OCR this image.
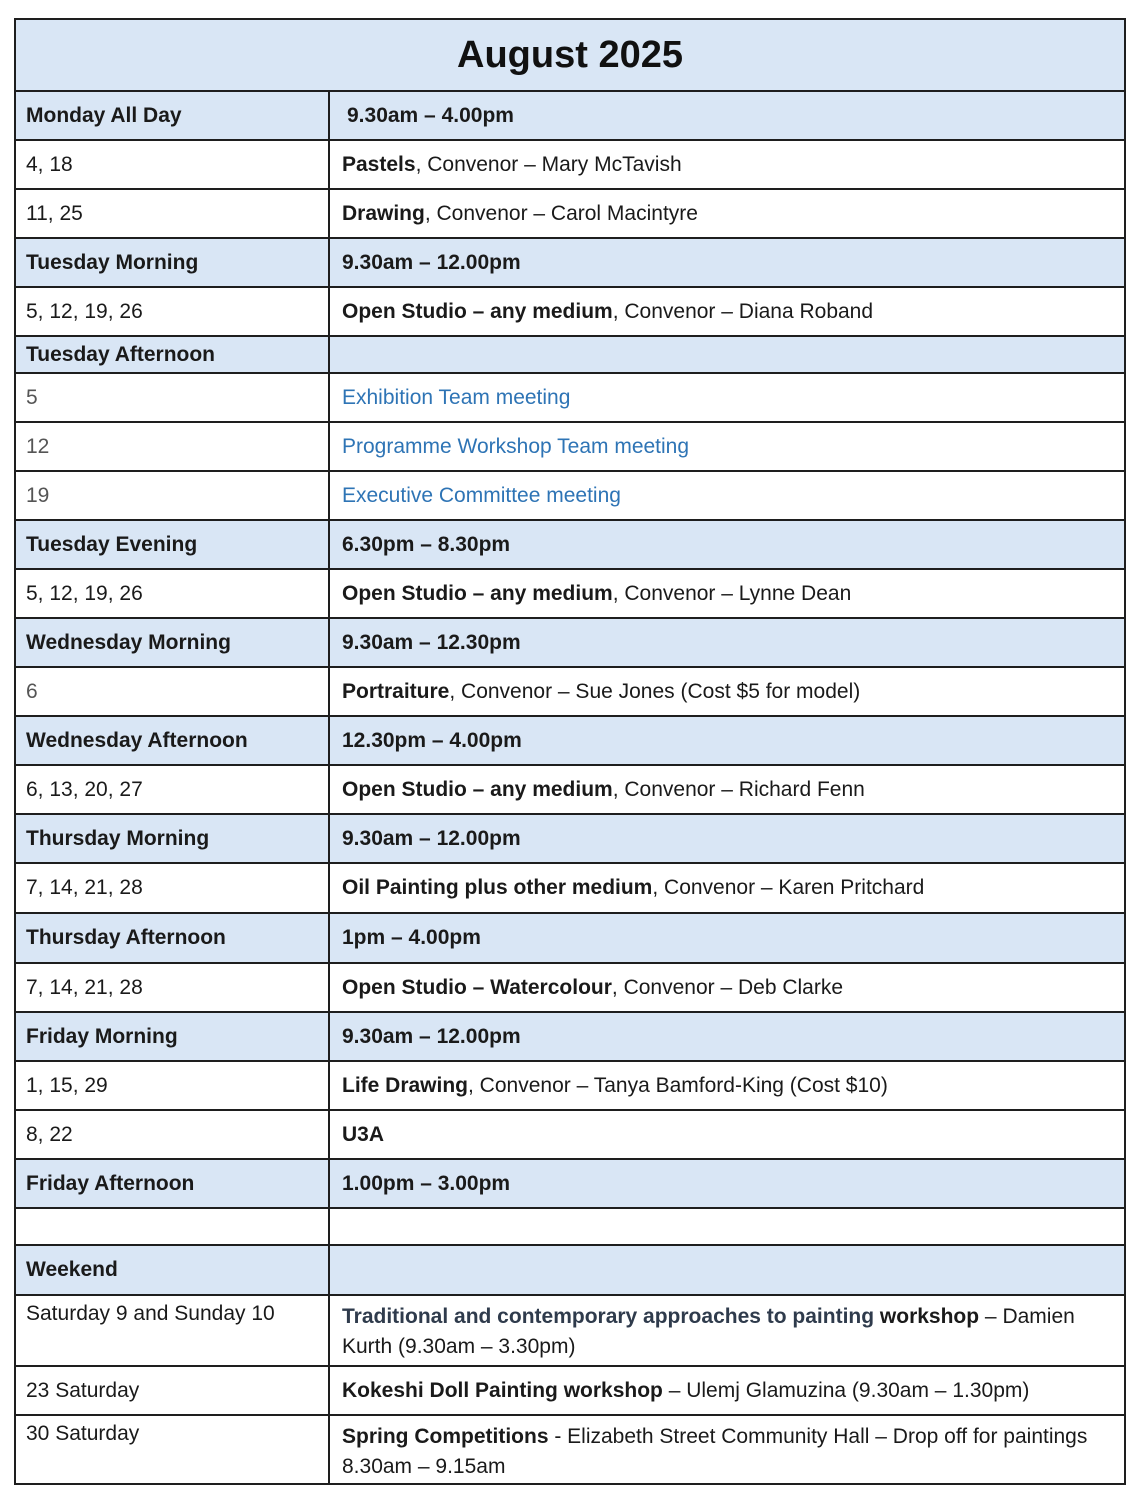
August 2025
Monday All Day	9.30am – 4.00pm
4, 18	Pastels, Convenor – Mary McTavish
11, 25	Drawing, Convenor – Carol Macintyre
Tuesday Morning	9.30am – 12.00pm
5, 12, 19, 26	Open Studio – any medium, Convenor – Diana Roband
Tuesday Afternoon
5	Exhibition Team meeting
12	Programme Workshop Team meeting
19	Executive Committee meeting
Tuesday Evening	6.30pm – 8.30pm
5, 12, 19, 26	Open Studio – any medium, Convenor – Lynne Dean
Wednesday Morning	9.30am – 12.30pm
6	Portraiture, Convenor – Sue Jones (Cost $5 for model)
Wednesday Afternoon	12.30pm – 4.00pm
6, 13, 20, 27	Open Studio – any medium, Convenor – Richard Fenn
Thursday Morning	9.30am – 12.00pm
7, 14, 21, 28	Oil Painting plus other medium, Convenor – Karen Pritchard
Thursday Afternoon	1pm – 4.00pm
7, 14, 21, 28	Open Studio – Watercolour, Convenor – Deb Clarke
Friday Morning	9.30am – 12.00pm
1, 15, 29	Life Drawing, Convenor – Tanya Bamford-King (Cost $10)
8, 22	U3A
Friday Afternoon	1.00pm – 3.00pm
Weekend
Saturday 9 and Sunday 10	Traditional and contemporary approaches to painting workshop – Damien Kurth (9.30am – 3.30pm)
23 Saturday	Kokeshi Doll Painting workshop – Ulemj Glamuzina (9.30am – 1.30pm)
30 Saturday	Spring Competitions - Elizabeth Street Community Hall – Drop off for paintings 8.30am – 9.15am
